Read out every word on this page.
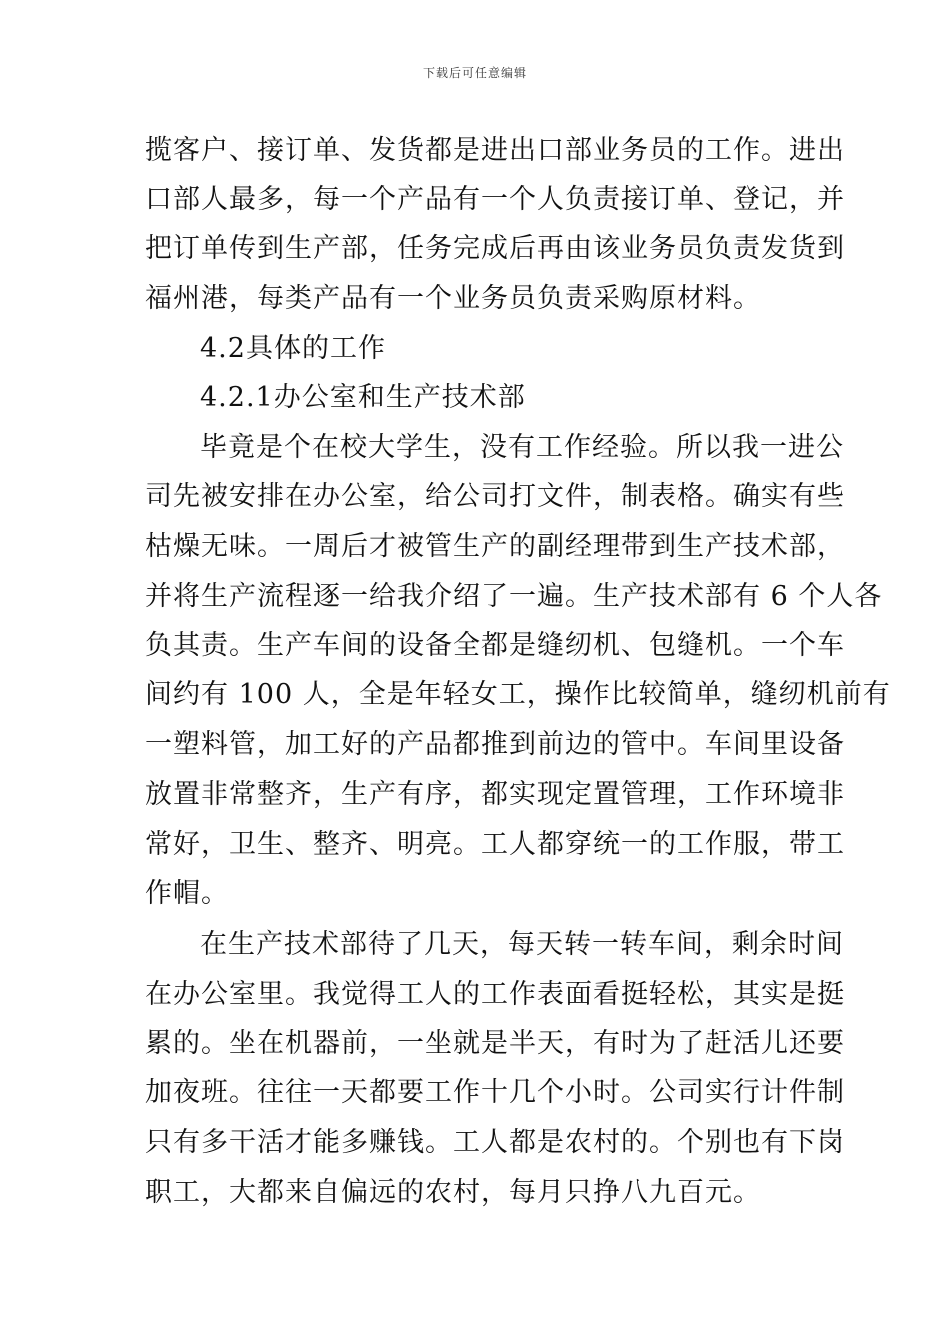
下载后可任意编辑
揽客户、接订单、发货都是进出口部业务员的工作。进出
口部人最多，每一个产品有一个人负责接订单、登记，并
把订单传到生产部，任务完成后再由该业务员负责发货到
福州港，每类产品有一个业务员负责采购原材料。
4.2具体的工作
4.2.1办公室和生产技术部
毕竟是个在校大学生，没有工作经验。所以我一进公
司先被安排在办公室，给公司打文件，制表格。确实有些
枯燥无味。一周后才被管生产的副经理带到生产技术部，
并将生产流程逐一给我介绍了一遍。生产技术部有 6 个人各
负其责。生产车间的设备全都是缝纫机、包缝机。一个车
间约有 100 人，全是年轻女工，操作比较简单，缝纫机前有
一塑料管，加工好的产品都推到前边的管中。车间里设备
放置非常整齐，生产有序，都实现定置管理，工作环境非
常好，卫生、整齐、明亮。工人都穿统一的工作服，带工
作帽。
在生产技术部待了几天，每天转一转车间，剩余时间
在办公室里。我觉得工人的工作表面看挺轻松，其实是挺
累的。坐在机器前，一坐就是半天，有时为了赶活儿还要
加夜班。往往一天都要工作十几个小时。公司实行计件制
只有多干活才能多赚钱。工人都是农村的。个别也有下岗
职工，大都来自偏远的农村，每月只挣八九百元。
